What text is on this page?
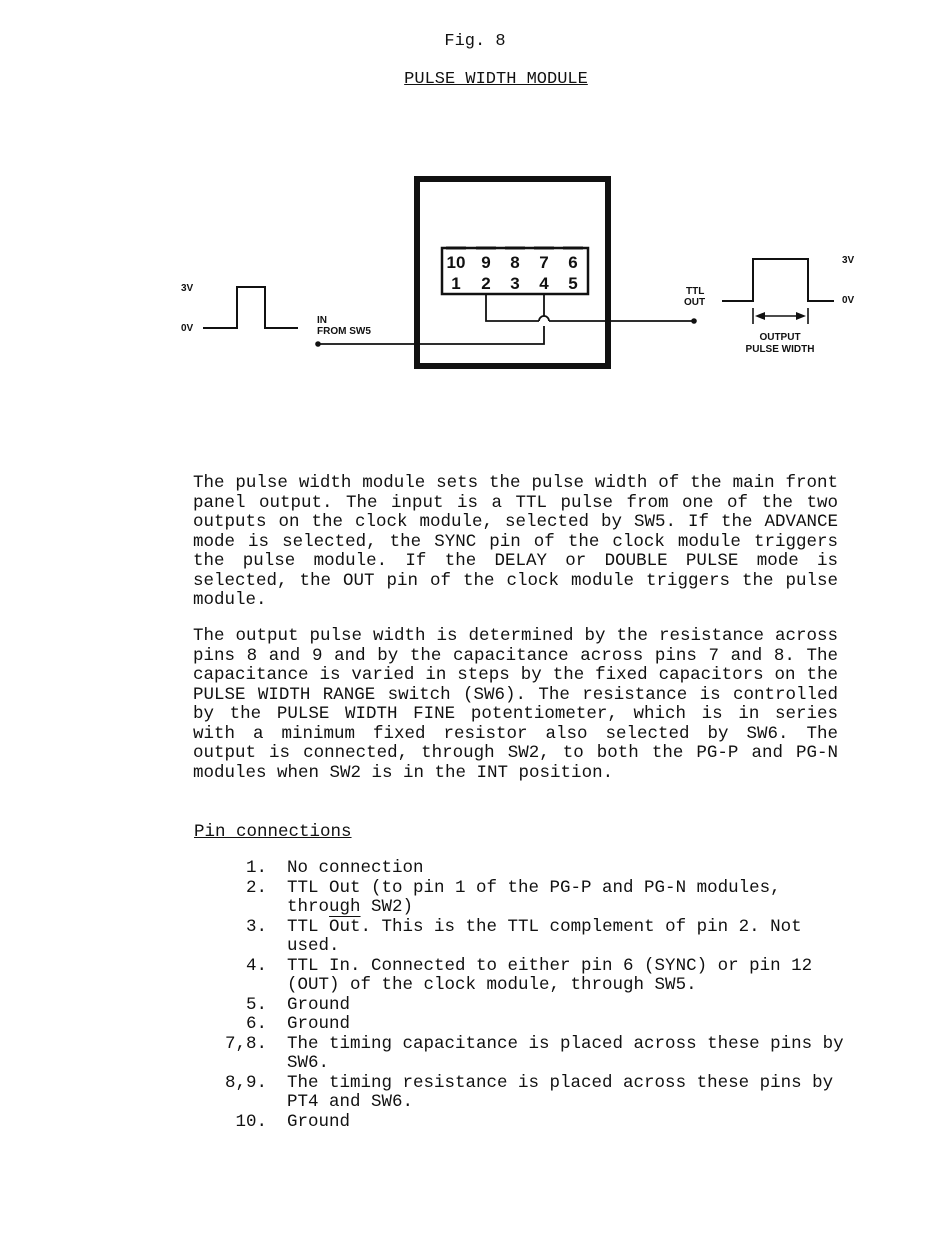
Fig. 8
PULSE WIDTH MODULE
10 9 8 7 6
1 2 3 4 5
3V
0V
IN
FROM SW5
TTL
OUT
3V
0V
OUTPUT
PULSE WIDTH

The pulse width module sets the pulse width of the main front panel output. The input is a TTL pulse from one of the two outputs on the clock module, selected by SW5. If the ADVANCE mode is selected, the SYNC pin of the clock module triggers the pulse module. If the DELAY or DOUBLE PULSE mode is selected, the OUT pin of the clock module triggers the pulse module.

The output pulse width is determined by the resistance across pins 8 and 9 and by the capacitance across pins 7 and 8. The capacitance is varied in steps by the fixed capacitors on the PULSE WIDTH RANGE switch (SW6). The resistance is controlled by the PULSE WIDTH FINE potentiometer, which is in series with a minimum fixed resistor also selected by SW6. The output is connected, through SW2, to both the PG-P and PG-N modules when SW2 is in the INT position.

Pin connections
1.	No connection
2.	TTL Out (to pin 1 of the PG-P and PG-N modules, through SW2)
3.	TTL $\overline{Out}$. This is the TTL complement of pin 2. Not used.
4.	TTL In. Connected to either pin 6 (SYNC) or pin 12 (OUT) of the clock module, through SW5.
5.	Ground
6.	Ground
7,8.	The timing capacitance is placed across these pins by SW6.
8,9.	The timing resistance is placed across these pins by PT4 and SW6.
10.	Ground
